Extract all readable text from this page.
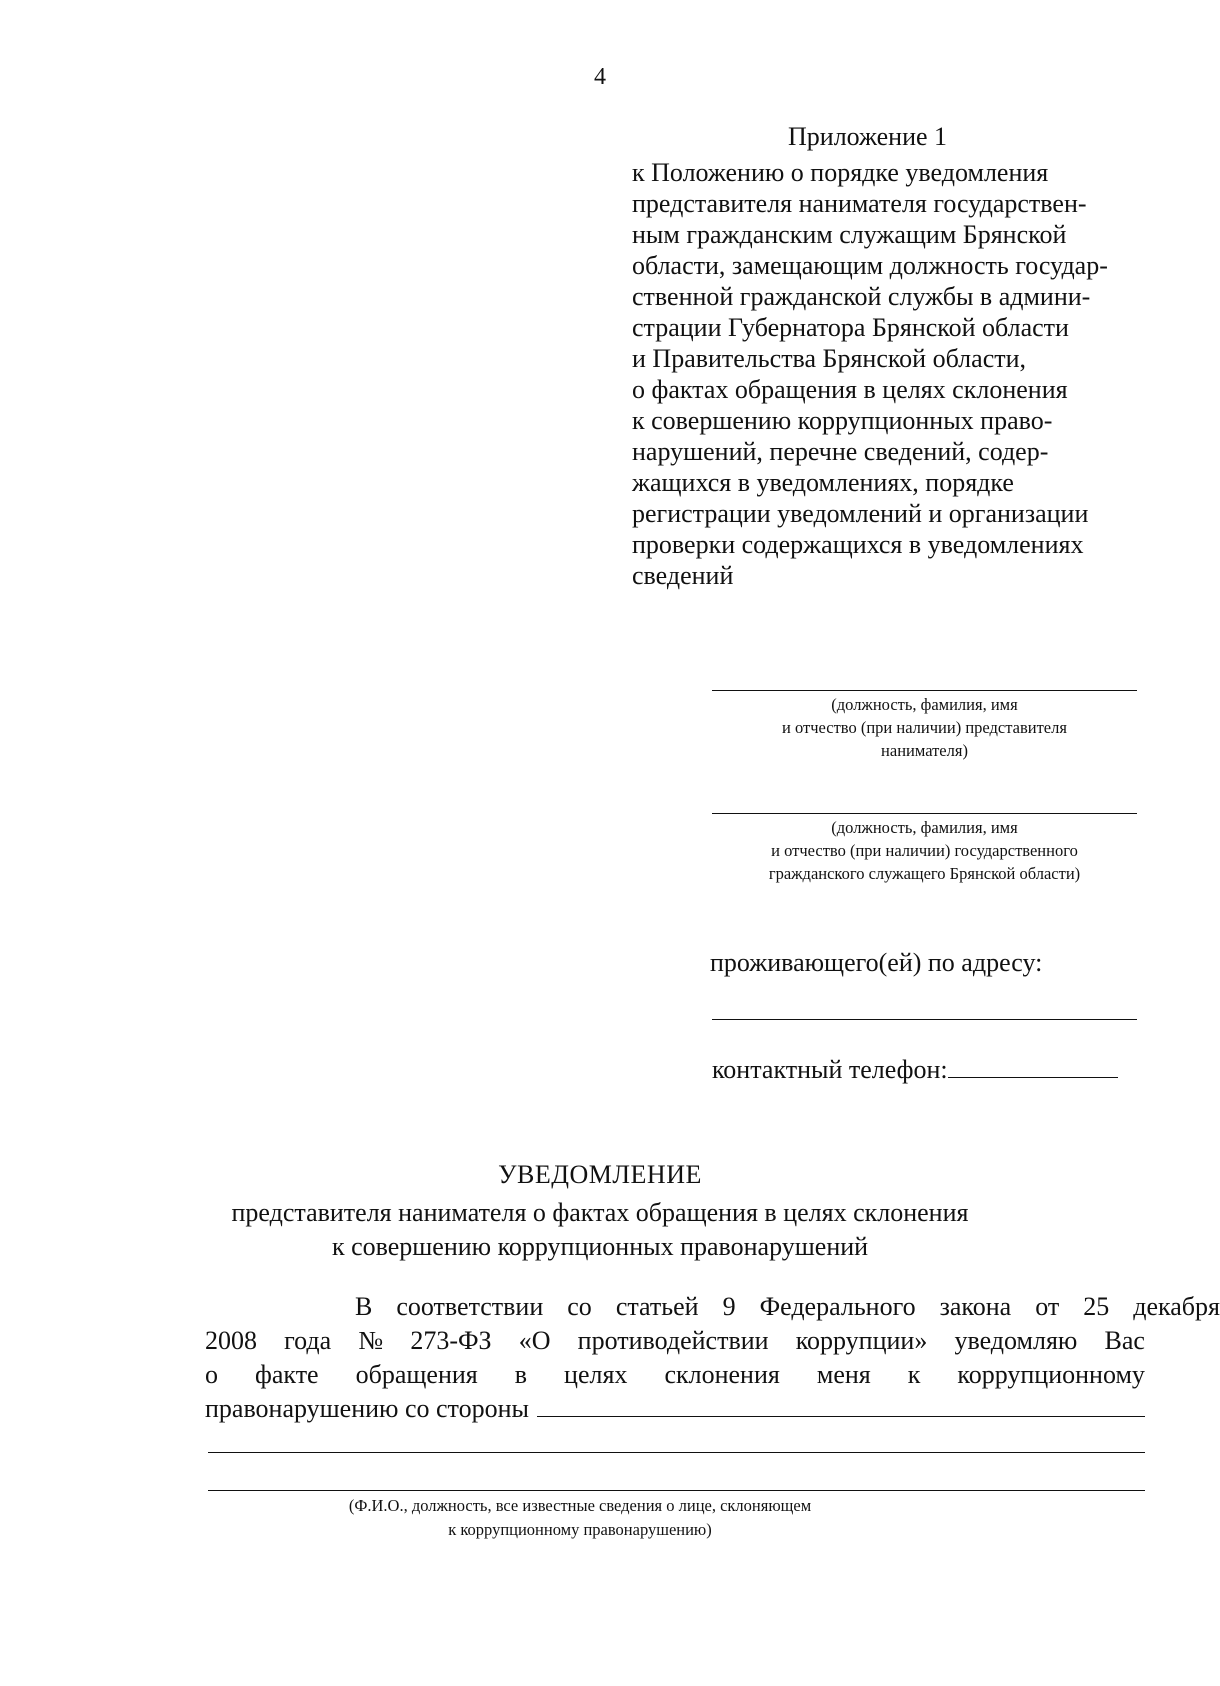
4
Приложение 1
к Положению о порядке уведомления
представителя нанимателя государствен-
ным гражданским служащим Брянской
области, замещающим должность государ-
ственной гражданской службы в админи-
страции Губернатора Брянской области
и Правительства Брянской области,
о фактах обращения в целях склонения
к совершению коррупционных право-
нарушений, перечне сведений, содер-
жащихся в уведомлениях, порядке
регистрации уведомлений и организации
проверки содержащихся в уведомлениях
сведений
(должность, фамилия, имя
и отчество (при наличии) представителя
нанимателя)
(должность, фамилия, имя
и отчество (при наличии) государственного
гражданского служащего Брянской области)
проживающего(ей) по адресу:
контактный телефон:
УВЕДОМЛЕНИЕ
представителя нанимателя о фактах обращения в целях склонения
к совершению коррупционных правонарушений
В соответствии со статьей 9 Федерального закона от 25 декабря
2008 года № 273-ФЗ «О противодействии коррупции» уведомляю Вас
о факте обращения в целях склонения меня к коррупционному
правонарушению со стороны
(Ф.И.О., должность, все известные сведения о лице, склоняющем
к коррупционному правонарушению)
